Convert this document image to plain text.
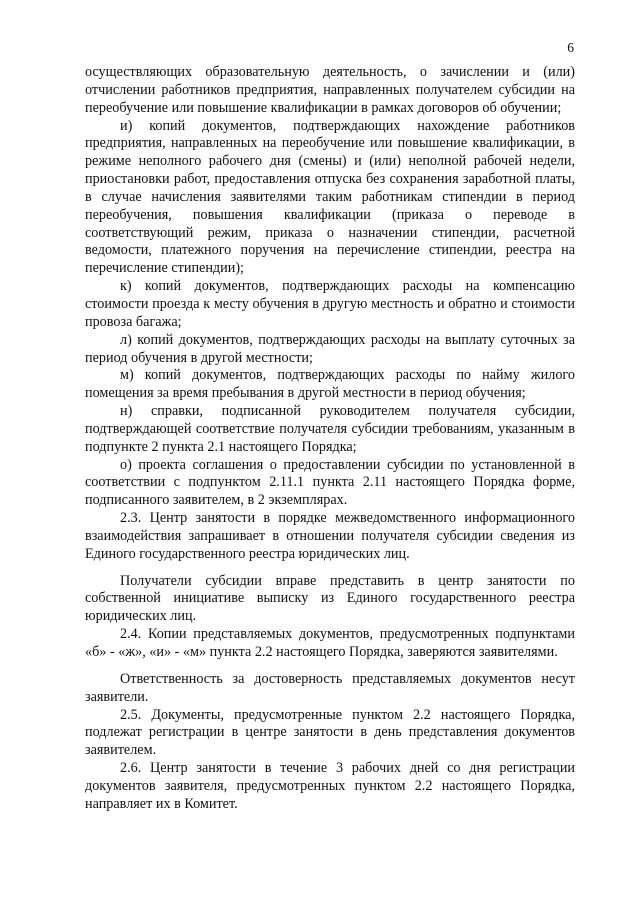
6

осуществляющих образовательную деятельность, о зачислении и (или) отчислении работников предприятия, направленных получателем субсидии на переобучение или повышение квалификации в рамках договоров об обучении;

и) копий документов, подтверждающих нахождение работников предприятия, направленных на переобучение или повышение квалификации, в режиме неполного рабочего дня (смены) и (или) неполной рабочей недели, приостановки работ, предоставления отпуска без сохранения заработной платы, в случае начисления заявителями таким работникам стипендии в период переобучения, повышения квалификации (приказа о переводе в соответствующий режим, приказа о назначении стипендии, расчетной ведомости, платежного поручения на перечисление стипендии, реестра на перечисление стипендии);

к) копий документов, подтверждающих расходы на компенсацию стоимости проезда к месту обучения в другую местность и обратно и стоимости провоза багажа;

л) копий документов, подтверждающих расходы на выплату суточных за период обучения в другой местности;

м) копий документов, подтверждающих расходы по найму жилого помещения за время пребывания в другой местности в период обучения;

н) справки, подписанной руководителем получателя субсидии, подтверждающей соответствие получателя субсидии требованиям, указанным в подпункте 2 пункта 2.1 настоящего Порядка;

о) проекта соглашения о предоставлении субсидии по установленной в соответствии с подпунктом 2.11.1 пункта 2.11 настоящего Порядка форме, подписанного заявителем, в 2 экземплярах.

2.3. Центр занятости в порядке межведомственного информационного взаимодействия запрашивает в отношении получателя субсидии сведения из Единого государственного реестра юридических лиц.

Получатели субсидии вправе представить в центр занятости по собственной инициативе выписку из Единого государственного реестра юридических лиц.

2.4. Копии представляемых документов, предусмотренных подпунктами «б» - «ж», «и» - «м» пункта 2.2 настоящего Порядка, заверяются заявителями.

Ответственность за достоверность представляемых документов несут заявители.

2.5. Документы, предусмотренные пунктом 2.2 настоящего Порядка, подлежат регистрации в центре занятости в день представления документов заявителем.

2.6. Центр занятости в течение 3 рабочих дней со дня регистрации документов заявителя, предусмотренных пунктом 2.2 настоящего Порядка, направляет их в Комитет.
